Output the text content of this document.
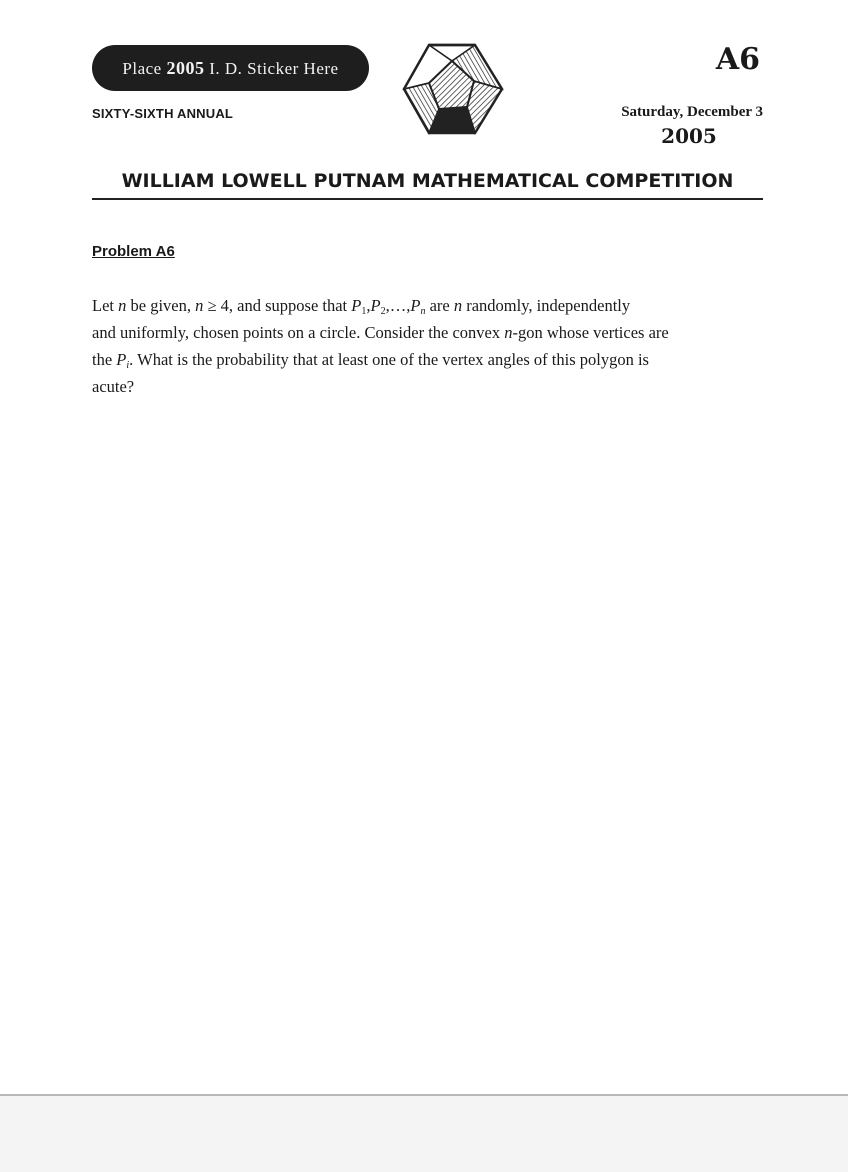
Place 2005 I. D. Sticker Here
SIXTY-SIXTH ANNUAL
A6
Saturday, December 3
2005
WILLIAM LOWELL PUTNAM MATHEMATICAL COMPETITION
Problem A6

Let n be given, n ≥ 4, and suppose that $P_1,P_2,\dots,P_n$ are n randomly, independently

and uniformly, chosen points on a circle. Consider the convex n-gon whose vertices are

the $P_i$. What is the probability that at least one of the vertex angles of this polygon is

acute?
